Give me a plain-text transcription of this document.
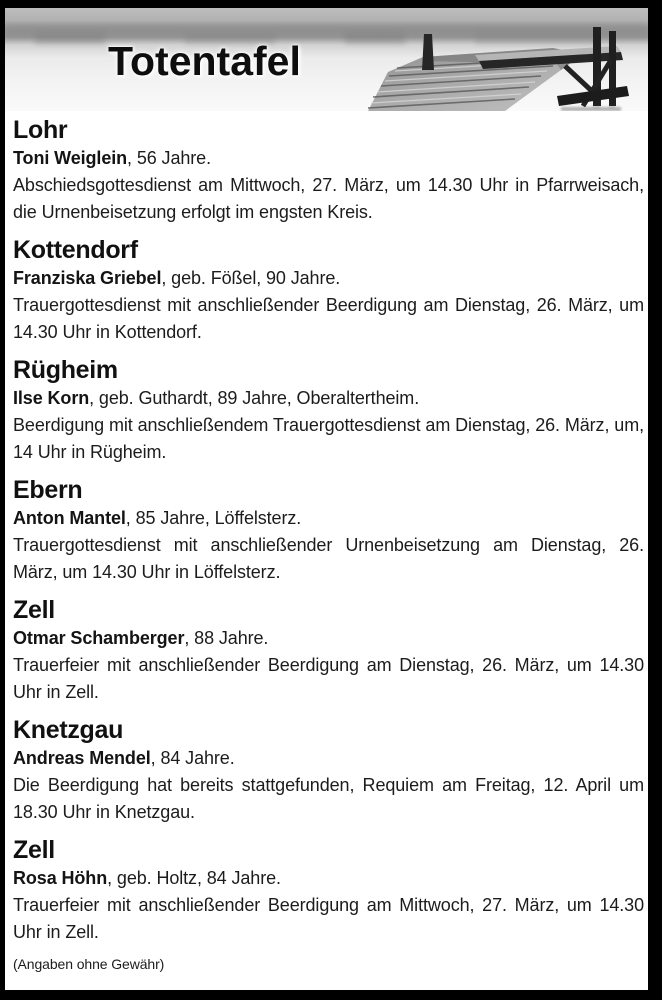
Totentafel
Lohr

Toni Weiglein, 56 Jahre.

Abschiedsgottesdienst am Mittwoch, 27. März, um 14.30 Uhr in Pfarrweisach, die Urnenbeisetzung erfolgt im engsten Kreis.

Kottendorf

Franziska Griebel, geb. Fößel, 90 Jahre.

Trauergottesdienst mit anschließender Beerdigung am Dienstag, 26. März, um 14.30 Uhr in Kottendorf.

Rügheim

Ilse Korn, geb. Guthardt, 89 Jahre, Oberaltertheim.

Beerdigung mit anschließendem Trauergottesdienst am Dienstag, 26. März, um, 14 Uhr in Rügheim.

Ebern

Anton Mantel, 85 Jahre, Löffelsterz.

Trauergottesdienst mit anschließender Urnenbeisetzung am Dienstag, 26. März, um 14.30 Uhr in Löffelsterz.

Zell

Otmar Schamberger, 88 Jahre.

Trauerfeier mit anschließender Beerdigung am Dienstag, 26. März, um 14.30 Uhr in Zell.

Knetzgau

Andreas Mendel, 84 Jahre.

Die Beerdigung hat bereits stattgefunden, Requiem am Freitag, 12. April um 18.30 Uhr in Knetzgau.

Zell

Rosa Höhn, geb. Holtz, 84 Jahre.

Trauerfeier mit anschließender Beerdigung am Mittwoch, 27. März, um 14.30 Uhr in Zell.

(Angaben ohne Gewähr)
